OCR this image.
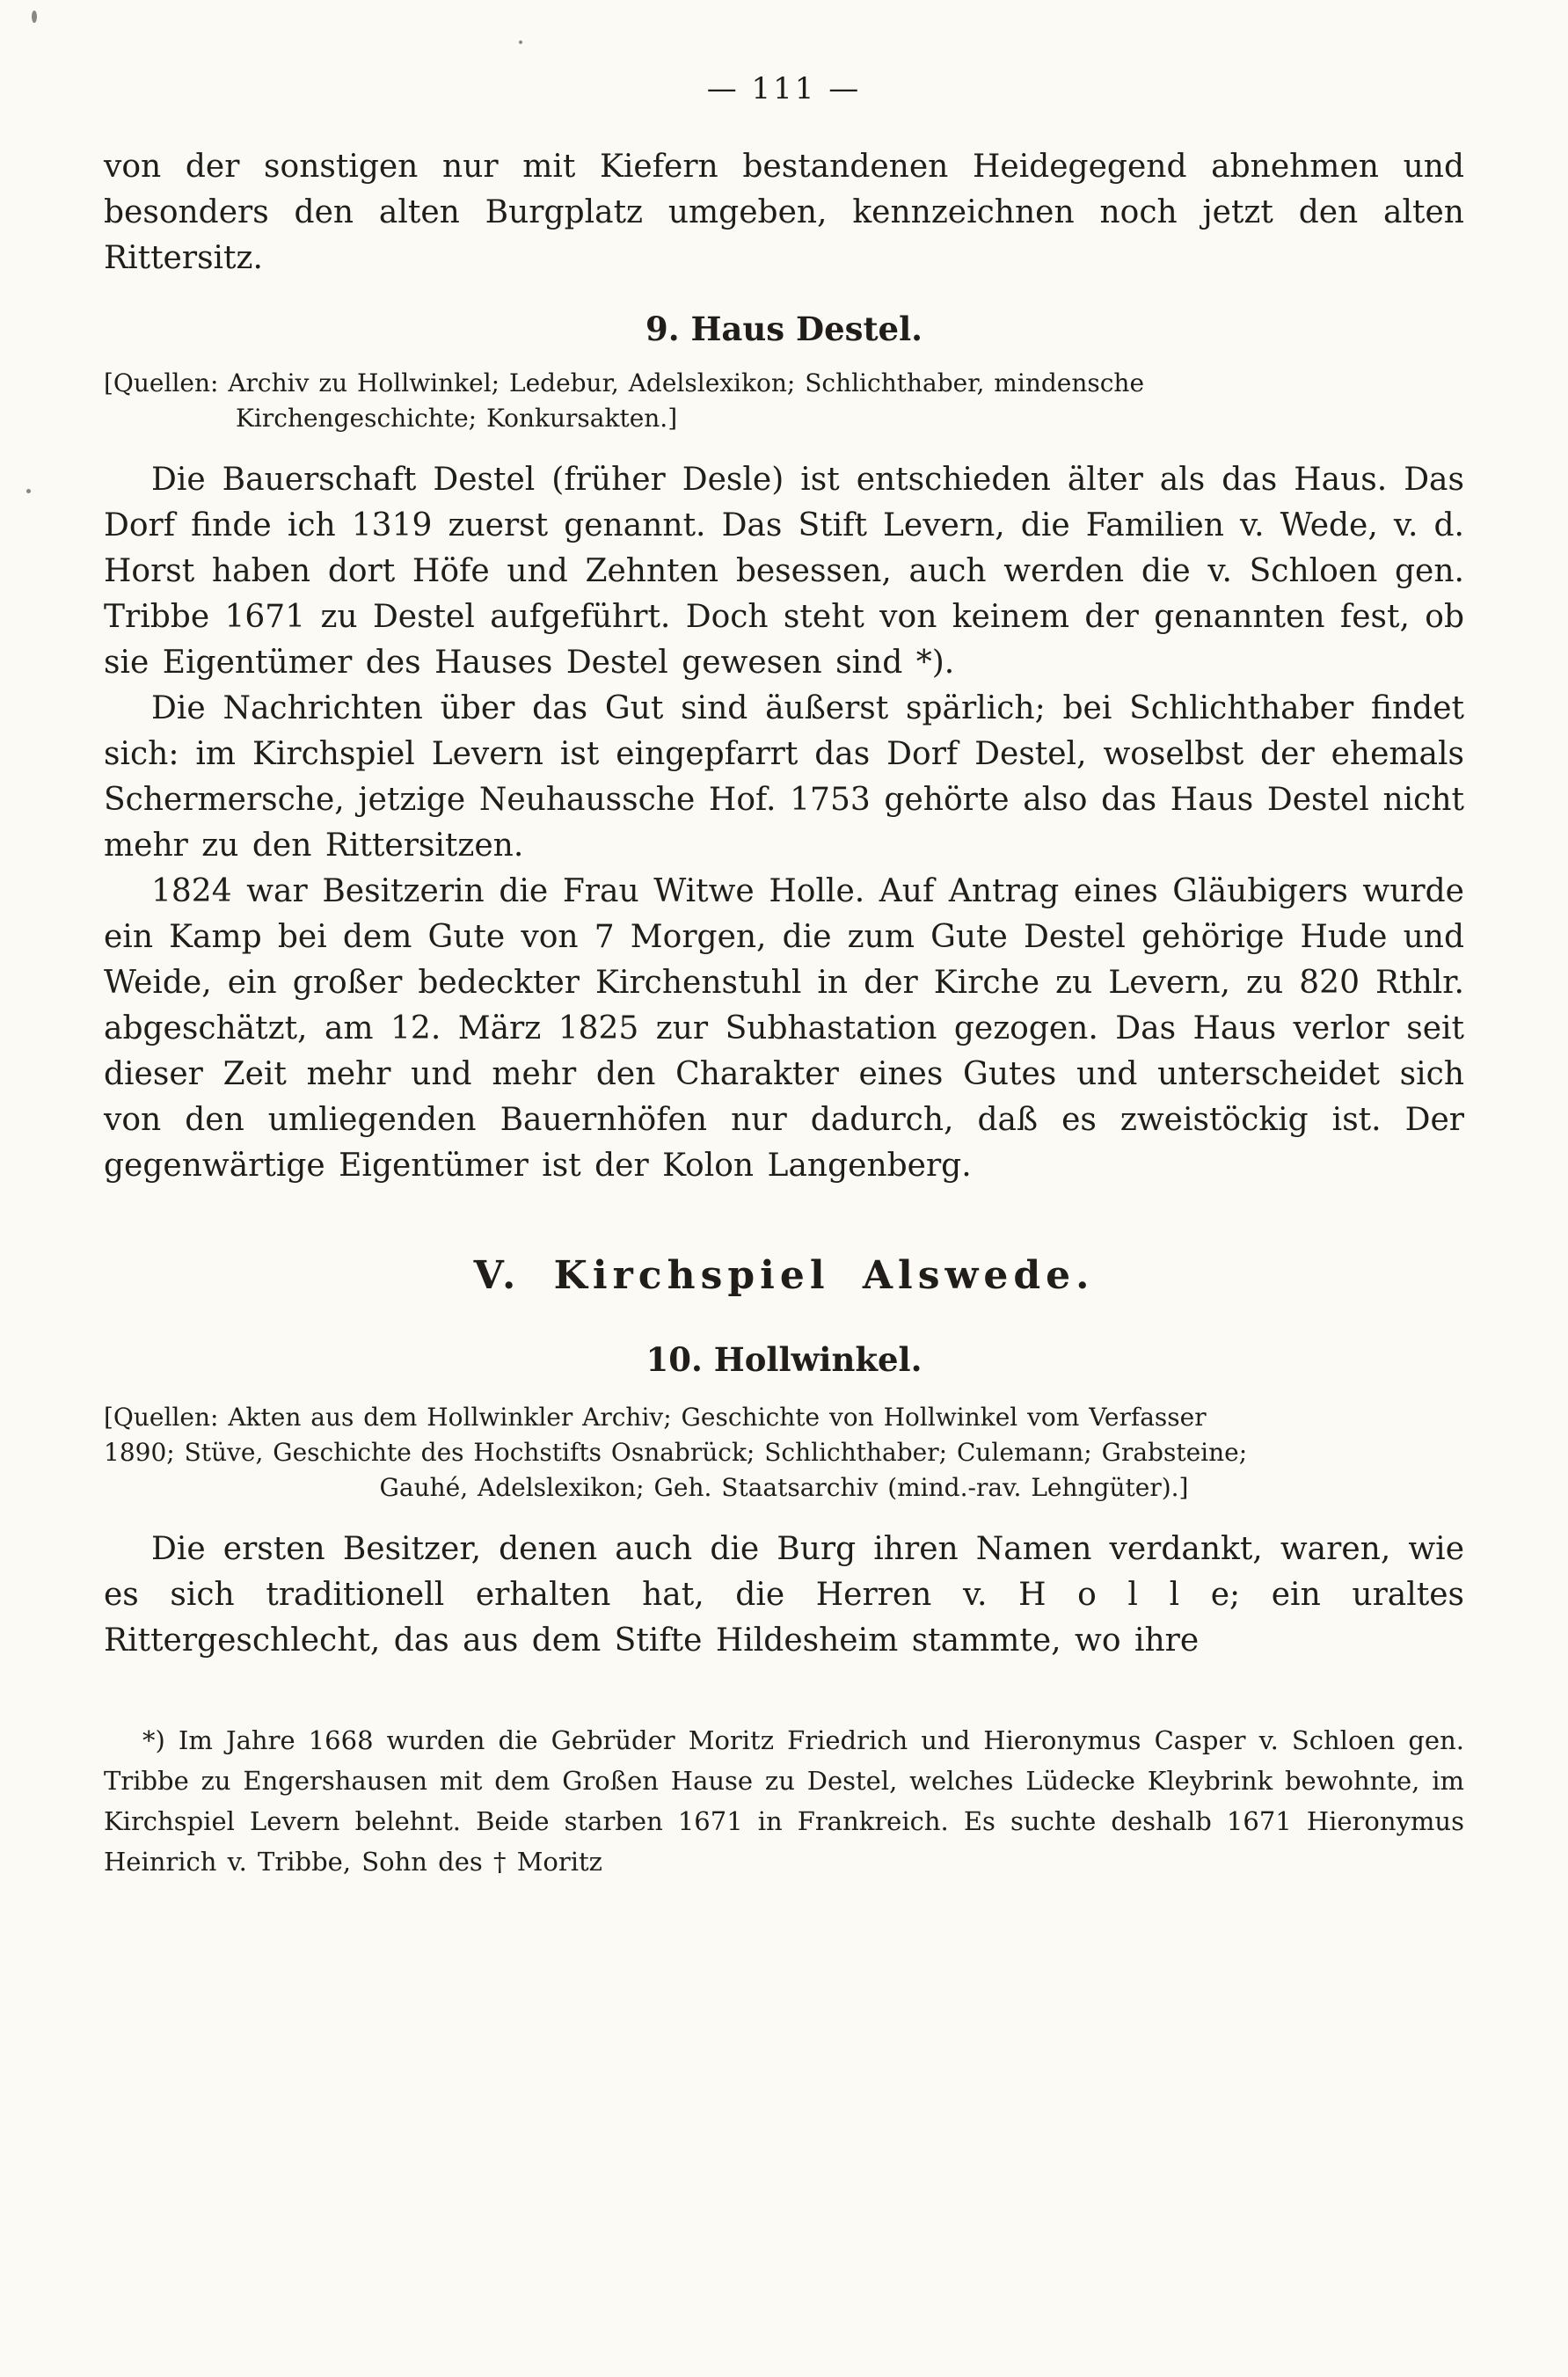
— 111 —

von der sonstigen nur mit Kiefern bestandenen Heidegegend abnehmen und besonders den alten Burgplatz umgeben, kennzeichnen noch jetzt den alten Rittersitz.

9. Haus Destel.
[Quellen: Archiv zu Hollwinkel; Ledebur, Adelslexikon; Schlichthaber, mindensche
Kirchengeschichte; Konkursakten.]

Die Bauerschaft Destel (früher Desle) ist entschieden älter als das Haus. Das Dorf finde ich 1319 zuerst genannt. Das Stift Levern, die Familien v. Wede, v. d. Horst haben dort Höfe und Zehnten besessen, auch werden die v. Schloen gen. Tribbe 1671 zu Destel aufgeführt. Doch steht von keinem der genannten fest, ob sie Eigentümer des Hauses Destel gewesen sind *).

Die Nachrichten über das Gut sind äußerst spärlich; bei Schlichthaber findet sich: im Kirchspiel Levern ist eingepfarrt das Dorf Destel, woselbst der ehemals Schermersche, jetzige Neuhaussche Hof. 1753 gehörte also das Haus Destel nicht mehr zu den Rittersitzen.

1824 war Besitzerin die Frau Witwe Holle. Auf Antrag eines Gläubigers wurde ein Kamp bei dem Gute von 7 Morgen, die zum Gute Destel gehörige Hude und Weide, ein großer bedeckter Kirchenstuhl in der Kirche zu Levern, zu 820 Rthlr. abgeschätzt, am 12. März 1825 zur Subhastation gezogen. Das Haus verlor seit dieser Zeit mehr und mehr den Charakter eines Gutes und unterscheidet sich von den umliegenden Bauernhöfen nur dadurch, daß es zweistöckig ist. Der gegenwärtige Eigentümer ist der Kolon Langenberg.

V. Kirchspiel Alswede.
10. Hollwinkel.
[Quellen: Akten aus dem Hollwinkler Archiv; Geschichte von Hollwinkel vom Verfasser
1890; Stüve, Geschichte des Hochstifts Osnabrück; Schlichthaber; Culemann; Grabsteine;
Gauhé, Adelslexikon; Geh. Staatsarchiv (mind.-rav. Lehngüter).]

Die ersten Besitzer, denen auch die Burg ihren Namen verdankt, waren, wie es sich traditionell erhalten hat, die Herren v. H o l l e; ein uraltes Rittergeschlecht, das aus dem Stifte Hildesheim stammte, wo ihre

*) Im Jahre 1668 wurden die Gebrüder Moritz Friedrich und Hieronymus Casper v. Schloen gen. Tribbe zu Engershausen mit dem Großen Hause zu Destel, welches Lüdecke Kleybrink bewohnte, im Kirchspiel Levern belehnt. Beide starben 1671 in Frankreich. Es suchte deshalb 1671 Hieronymus Heinrich v. Tribbe, Sohn des † Moritz
